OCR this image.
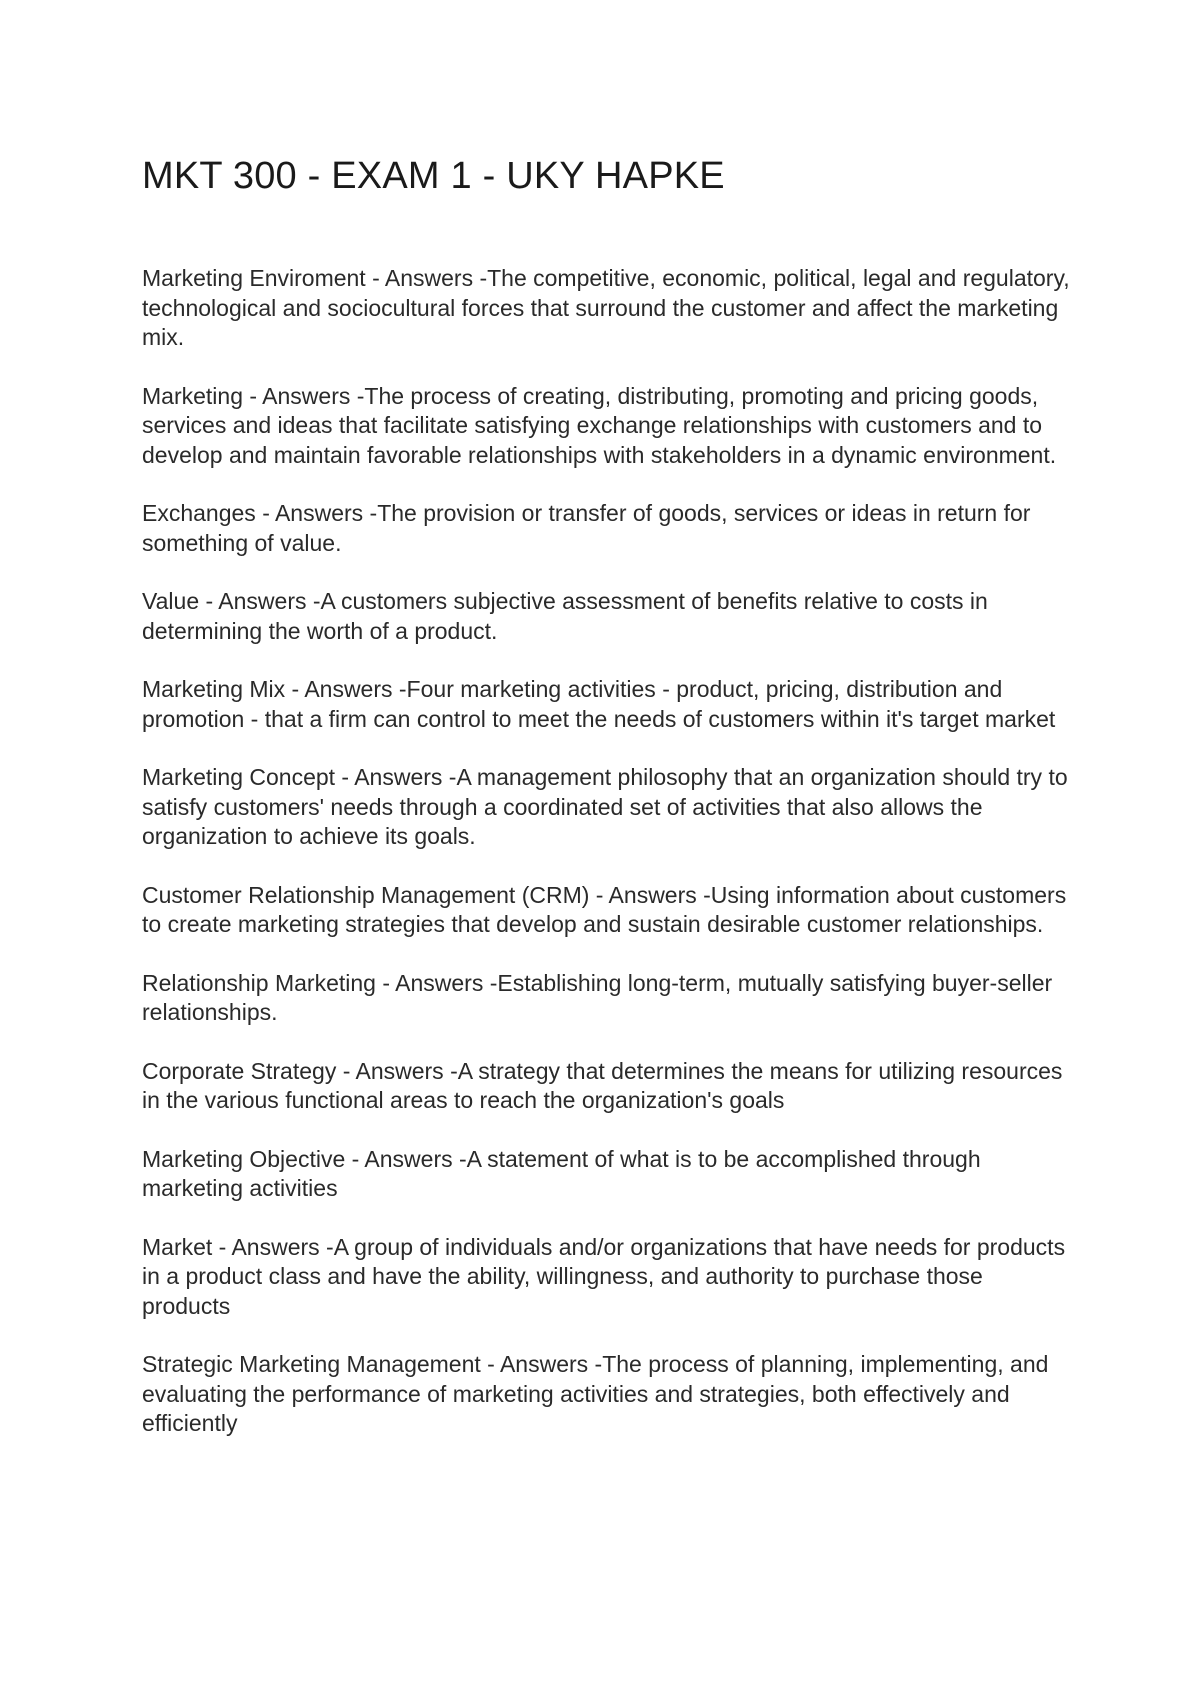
MKT 300 - EXAM 1 - UKY HAPKE

Marketing Enviroment - Answers -The competitive, economic, political, legal and regulatory, technological and sociocultural forces that surround the customer and affect the marketing mix.

Marketing - Answers -The process of creating, distributing, promoting and pricing goods, services and ideas that facilitate satisfying exchange relationships with customers and to develop and maintain favorable relationships with stakeholders in a dynamic environment.

Exchanges - Answers -The provision or transfer of goods, services or ideas in return for something of value.

Value - Answers -A customers subjective assessment of benefits relative to costs in determining the worth of a product.

Marketing Mix - Answers -Four marketing activities - product, pricing, distribution and promotion - that a firm can control to meet the needs of customers within it's target market

Marketing Concept - Answers -A management philosophy that an organization should try to satisfy customers' needs through a coordinated set of activities that also allows the organization to achieve its goals.

Customer Relationship Management (CRM) - Answers -Using information about customers to create marketing strategies that develop and sustain desirable customer relationships.

Relationship Marketing - Answers -Establishing long-term, mutually satisfying buyer-seller relationships.

Corporate Strategy - Answers -A strategy that determines the means for utilizing resources in the various functional areas to reach the organization's goals

Marketing Objective - Answers -A statement of what is to be accomplished through marketing activities

Market - Answers -A group of individuals and/or organizations that have needs for products in a product class and have the ability, willingness, and authority to purchase those products

Strategic Marketing Management - Answers -The process of planning, implementing, and evaluating the performance of marketing activities and strategies, both effectively and efficiently
